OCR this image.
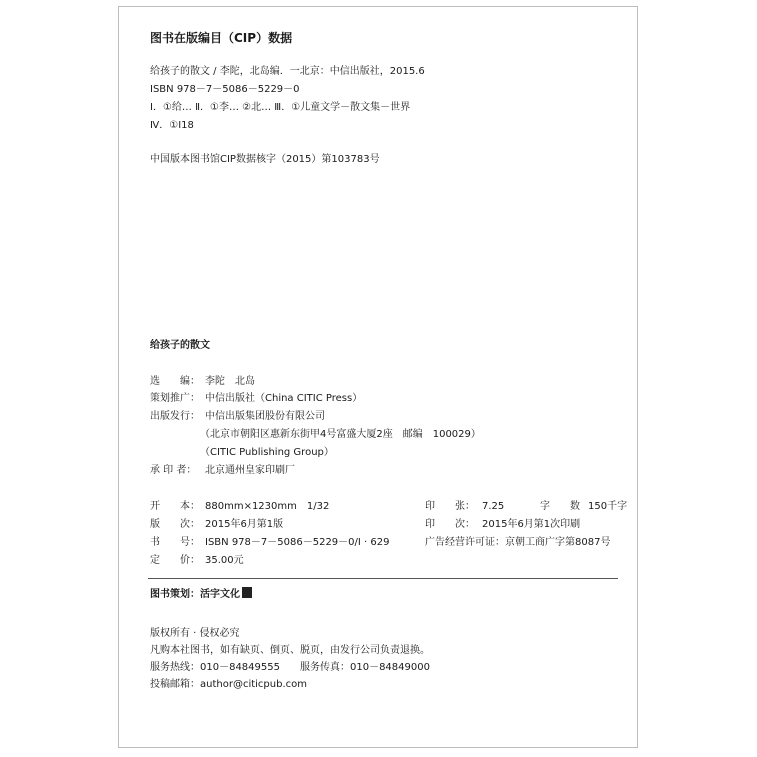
图书在版编目（CIP）数据
给孩子的散文 / 李陀，北岛编．一北京：中信出版社，2015.6
ISBN 978－7－5086－5229－0
Ⅰ．①给… Ⅱ．①李… ②北… Ⅲ．①儿童文学－散文集－世界
Ⅳ．①I18
中国版本图书馆CIP数据核字（2015）第103783号
给孩子的散文
选　　编： 李陀　北岛
策划推广： 中信出版社（China CITIC Press）
出版发行： 中信出版集团股份有限公司
（北京市朝阳区惠新东街甲4号富盛大厦2座　邮编　100029）
（CITIC Publishing Group）
承 印 者： 北京通州皇家印刷厂
开　　本： 880mm×1230mm　1/32	印　　张： 7.25	字　　数 150千字
版　　次： 2015年6月第1版	印　　次： 2015年6月第1次印刷
书　　号： ISBN 978－7－5086－5229－0/I · 629	广告经营许可证：京朝工商广字第8087号
定　　价： 35.00元
图书策划：活字文化
版权所有 · 侵权必究
凡购本社图书，如有缺页、倒页、脱页，由发行公司负责退换。
服务热线：010－84849555　　服务传真：010－84849000
投稿邮箱：author@citicpub.com
